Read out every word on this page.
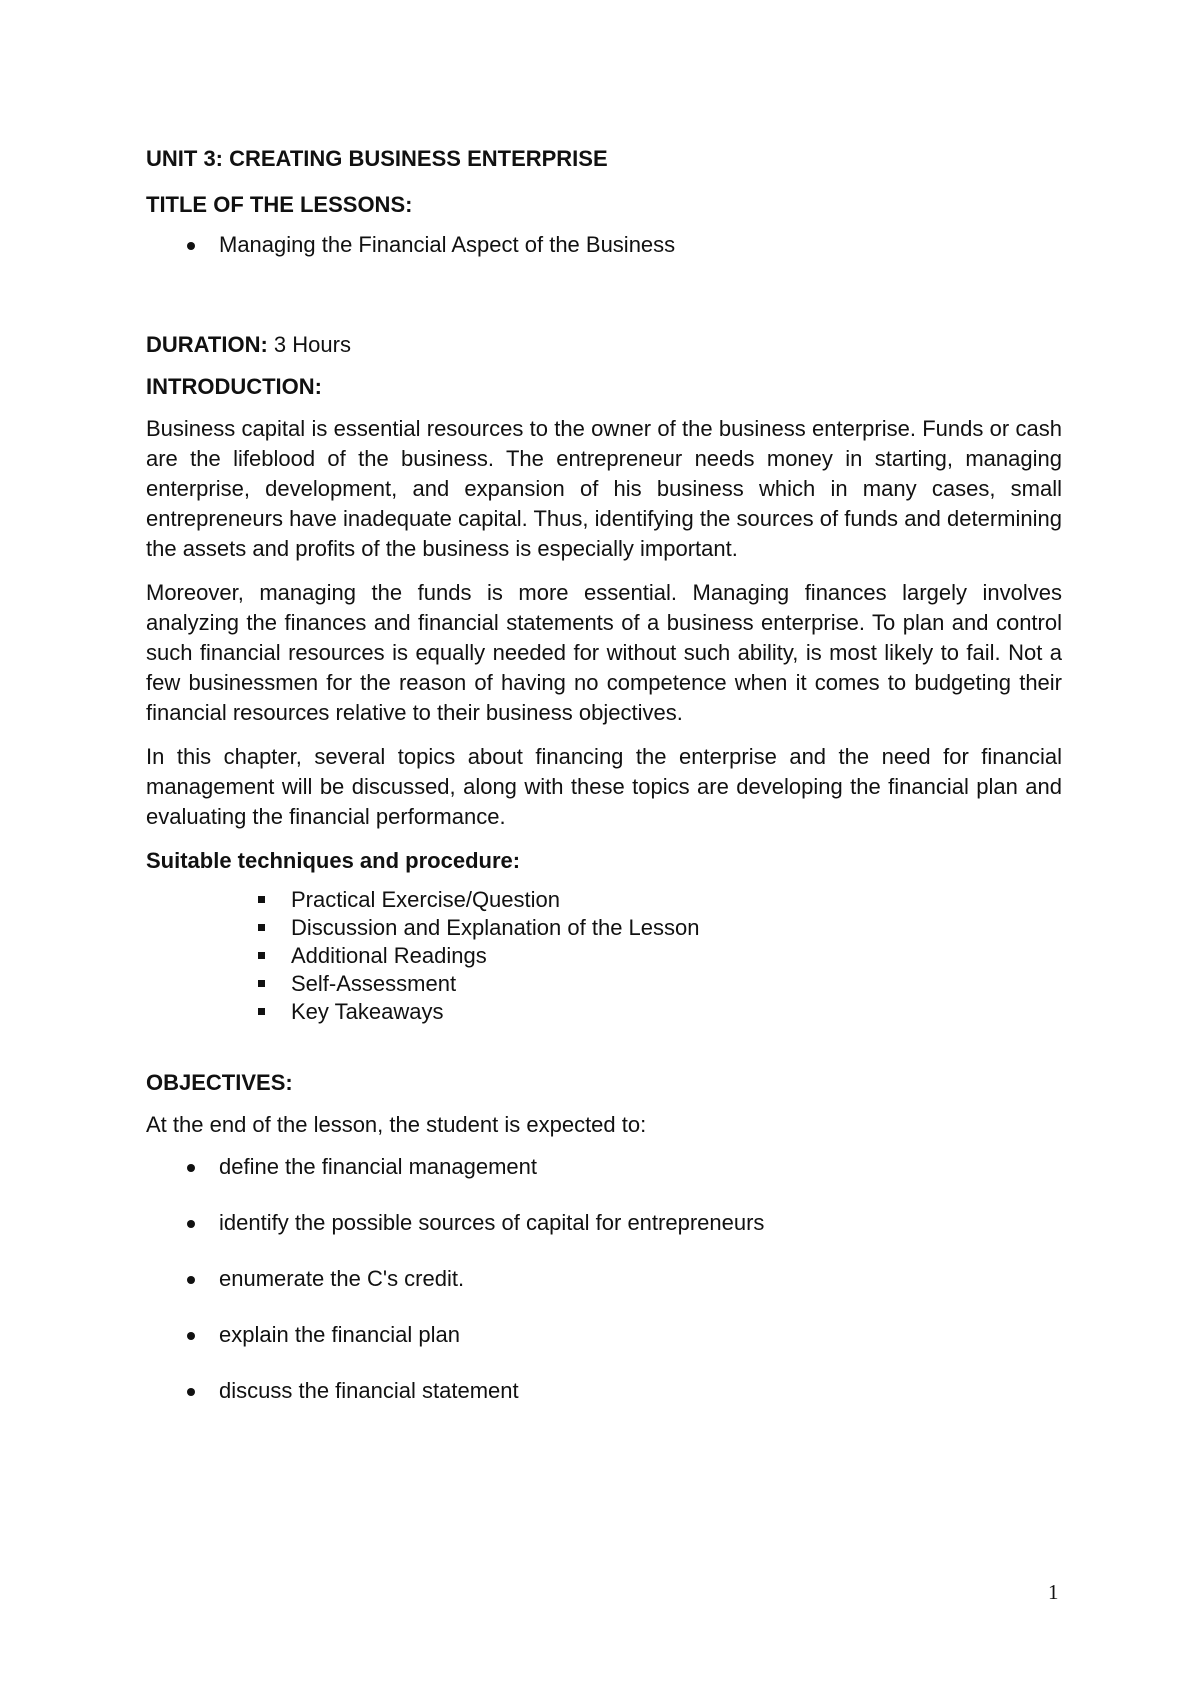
UNIT 3: CREATING BUSINESS ENTERPRISE
TITLE OF THE LESSONS:
Managing the Financial Aspect of the Business
DURATION: 3 Hours
INTRODUCTION:

Business capital is essential resources to the owner of the business enterprise. Funds or cash are the lifeblood of the business. The entrepreneur needs money in starting, managing enterprise, development, and expansion of his business which in many cases, small entrepreneurs have inadequate capital. Thus, identifying the sources of funds and determining the assets and profits of the business is especially important.

Moreover, managing the funds is more essential. Managing finances largely involves analyzing the finances and financial statements of a business enterprise. To plan and control such financial resources is equally needed for without such ability, is most likely to fail. Not a few businessmen for the reason of having no competence when it comes to budgeting their financial resources relative to their business objectives.

In this chapter, several topics about financing the enterprise and the need for financial management will be discussed, along with these topics are developing the financial plan and evaluating the financial performance.

Suitable techniques and procedure:
Practical Exercise/Question
Discussion and Explanation of the Lesson
Additional Readings
Self-Assessment
Key Takeaways
OBJECTIVES:

At the end of the lesson, the student is expected to:

define the financial management
identify the possible sources of capital for entrepreneurs
enumerate the C's credit.
explain the financial plan
discuss the financial statement
1
